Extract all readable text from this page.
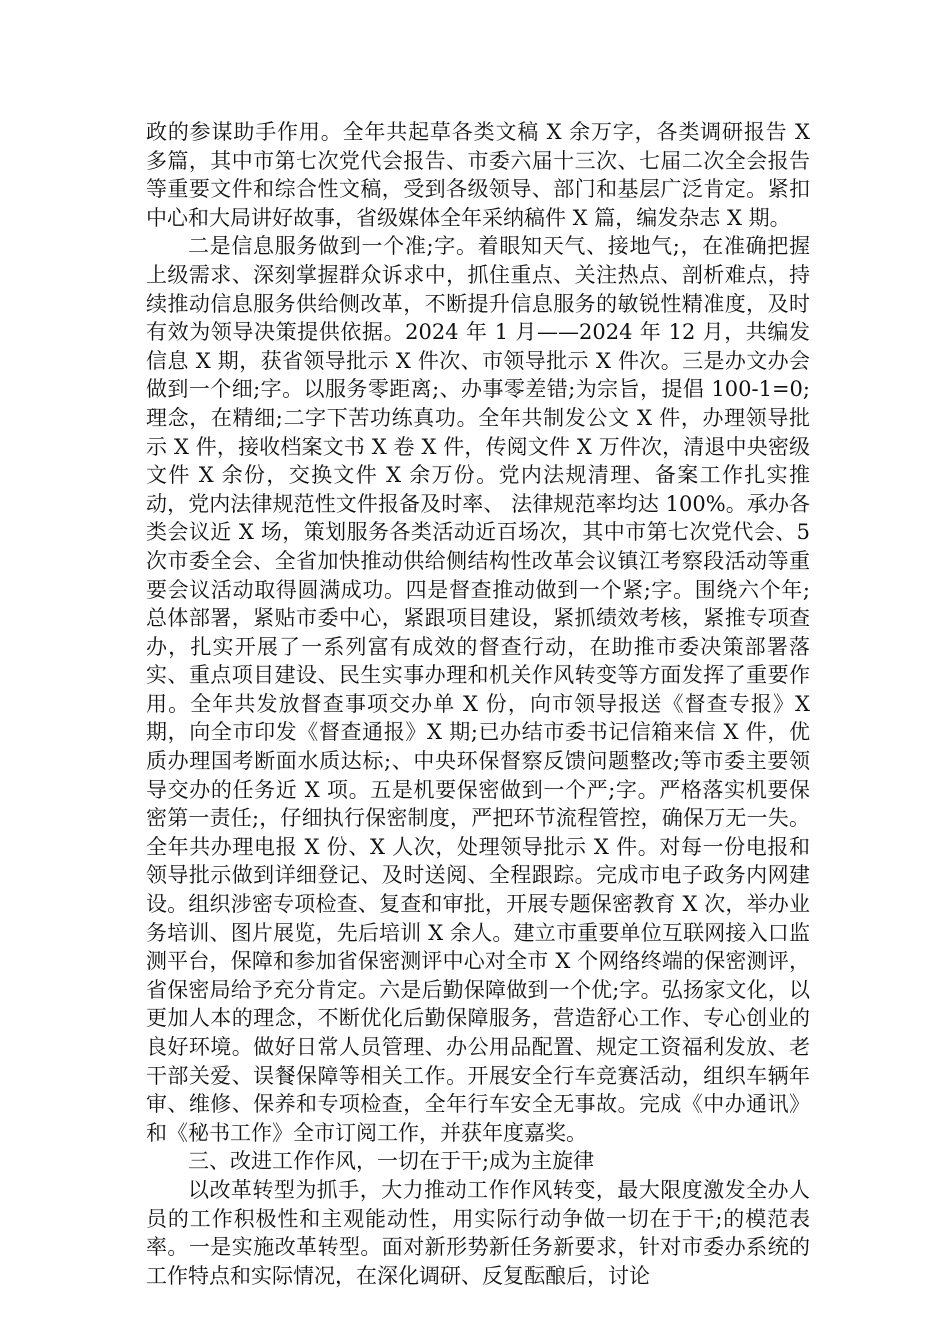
政的参谋助手作用。全年共起草各类文稿 X 余万字，各类调研报告 X 多篇，其中市第七次党代会报告、市委六届十三次、七届二次全会报告等重要文件和综合性文稿，受到各级领导、部门和基层广泛肯定。紧扣中心和大局讲好故事，省级媒体全年采纳稿件 X 篇，编发杂志 X 期。

二是信息服务做到一个准;字。着眼知天气、接地气;，在准确把握上级需求、深刻掌握群众诉求中，抓住重点、关注热点、剖析难点，持续推动信息服务供给侧改革，不断提升信息服务的敏锐性精准度，及时有效为领导决策提供依据。2024 年 1 月——2024 年 12 月，共编发信息 X 期，获省领导批示 X 件次、市领导批示 X 件次。三是办文办会做到一个细;字。以服务零距离;、办事零差错;为宗旨，提倡 100-1=0;理念，在精细;二字下苦功练真功。全年共制发公文 X 件，办理领导批示 X 件，接收档案文书 X 卷 X 件，传阅文件 X 万件次，清退中央密级文件 X 余份，交换文件 X 余万份。党内法规清理、备案工作扎实推动，党内法律规范性文件报备及时率、 法律规范率均达 100%。承办各类会议近 X 场，策划服务各类活动近百场次，其中市第七次党代会、5 次市委全会、全省加快推动供给侧结构性改革会议镇江考察段活动等重要会议活动取得圆满成功。四是督查推动做到一个紧;字。围绕六个年;总体部署，紧贴市委中心，紧跟项目建设，紧抓绩效考核，紧推专项查办，扎实开展了一系列富有成效的督查行动，在助推市委决策部署落实、重点项目建设、民生实事办理和机关作风转变等方面发挥了重要作用。全年共发放督查事项交办单 X 份，向市领导报送《督查专报》X 期，向全市印发《督查通报》X 期;已办结市委书记信箱来信 X 件，优质办理国考断面水质达标;、中央环保督察反馈问题整改;等市委主要领导交办的任务近 X 项。五是机要保密做到一个严;字。严格落实机要保密第一责任;，仔细执行保密制度，严把环节流程管控，确保万无一失。全年共办理电报 X 份、X 人次，处理领导批示 X 件。对每一份电报和领导批示做到详细登记、及时送阅、全程跟踪。完成市电子政务内网建设。组织涉密专项检查、复查和审批，开展专题保密教育 X 次，举办业务培训、图片展览，先后培训 X 余人。建立市重要单位互联网接入口监测平台，保障和参加省保密测评中心对全市 X 个网络终端的保密测评，省保密局给予充分肯定。六是后勤保障做到一个优;字。弘扬家文化，以更加人本的理念，不断优化后勤保障服务，营造舒心工作、专心创业的良好环境。做好日常人员管理、办公用品配置、规定工资福利发放、老干部关爱、误餐保障等相关工作。开展安全行车竞赛活动，组织车辆年审、维修、保养和专项检查，全年行车安全无事故。完成《中办通讯》和《秘书工作》全市订阅工作，并获年度嘉奖。

三、改进工作作风，一切在于干;成为主旋律

以改革转型为抓手，大力推动工作作风转变，最大限度激发全办人员的工作积极性和主观能动性，用实际行动争做一切在于干;的模范表率。一是实施改革转型。面对新形势新任务新要求，针对市委办系统的工作特点和实际情况，在深化调研、反复酝酿后，讨论
